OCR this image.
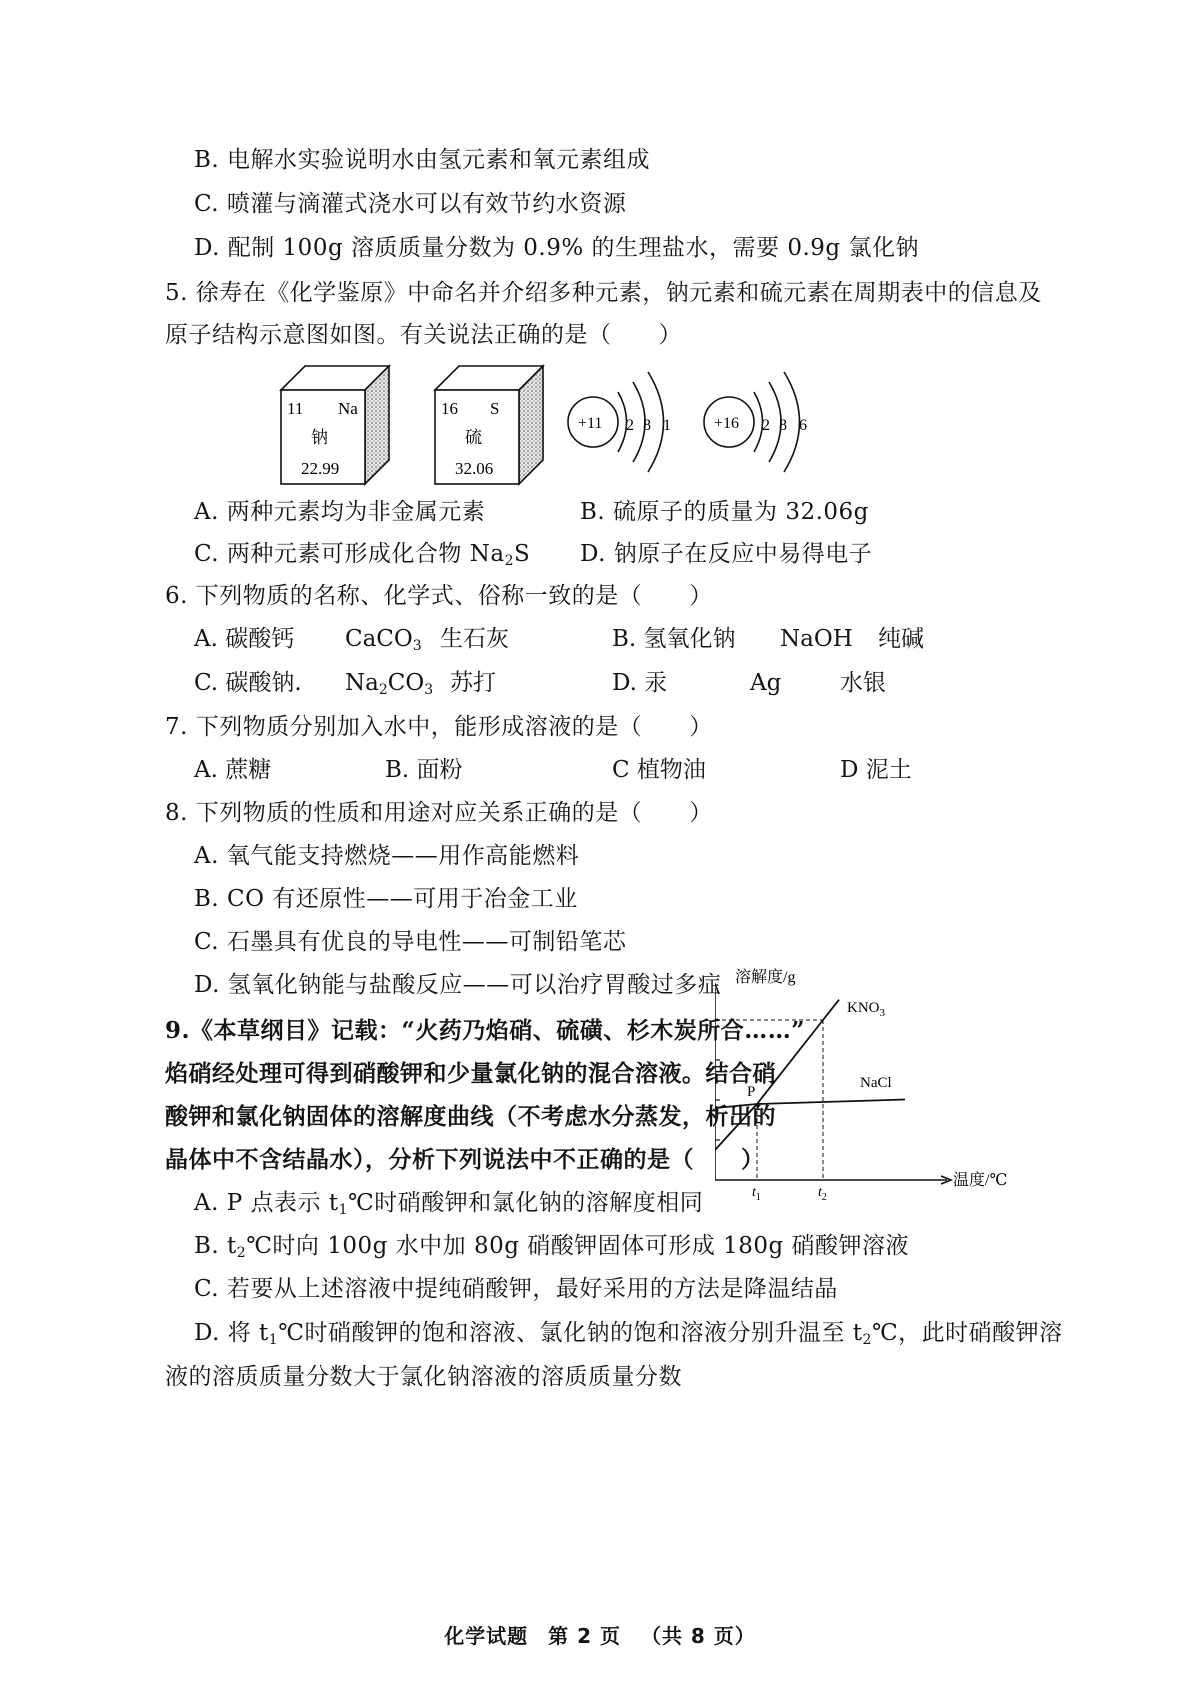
B. 电解水实验说明水由氢元素和氧元素组成
C. 喷灌与滴灌式浇水可以有效节约水资源
D. 配制 100g 溶质质量分数为 0.9% 的生理盐水，需要 0.9g 氯化钠
5. 徐寿在《化学鉴原》中命名并介绍多种元素，钠元素和硫元素在周期表中的信息及
原子结构示意图如图。有关说法正确的是（　　）
11 Na
钠
22.99
16 S
硫
32.06
+11 2 8 1	+16 2 8 6
A. 两种元素均为非金属元素	B. 硫原子的质量为 32.06g
C. 两种元素可形成化合物 $Na_2S$ D. 钠原子在反应中易得电子
6. 下列物质的名称、化学式、俗称一致的是（　　）
A. 碳酸钙 CaCO$_3$ 生石灰	B. 氢氧化钠 NaOH 纯碱
C. 碳酸钠. $Na_2CO_3$ 苏打	D. 汞	Ag	水银
7. 下列物质分别加入水中，能形成溶液的是（　　）
A. 蔗糖	B. 面粉	C 植物油	D 泥土
8. 下列物质的性质和用途对应关系正确的是（　　）
A. 氧气能支持燃烧——用作高能燃料
B. CO 有还原性——可用于冶金工业
C. 石墨具有优良的导电性——可制铅笔芯
D. 氢氧化钠能与盐酸反应——可以治疗胃酸过多症
9.《本草纲目》记载：“火药乃焰硝、硫磺、杉木炭所合……”
焰硝经处理可得到硝酸钾和少量氯化钠的混合溶液。结合硝
酸钾和氯化钠固体的溶解度曲线（不考虑水分蒸发，析出的
晶体中不含结晶水），分析下列说法中不正确的是（　　）
A. P 点表示 $t_1℃$时硝酸钾和氯化钠的溶解度相同
B. $t_2℃$时向 100g 水中加 80g 硝酸钾固体可形成 180g 硝酸钾溶液
C. 若要从上述溶液中提纯硝酸钾，最好采用的方法是降温结晶
D. 将 $t_1℃$时硝酸钾的饱和溶液、氯化钠的饱和溶液分别升温至 $t_2℃$，此时硝酸钾溶
液的溶质质量分数大于氯化钠溶液的溶质质量分数
溶解度/g
温度/℃
$KNO_3$
NaCl
P
$t_1$	$t_2$
化学试题 第 2 页 （共 8 页）
